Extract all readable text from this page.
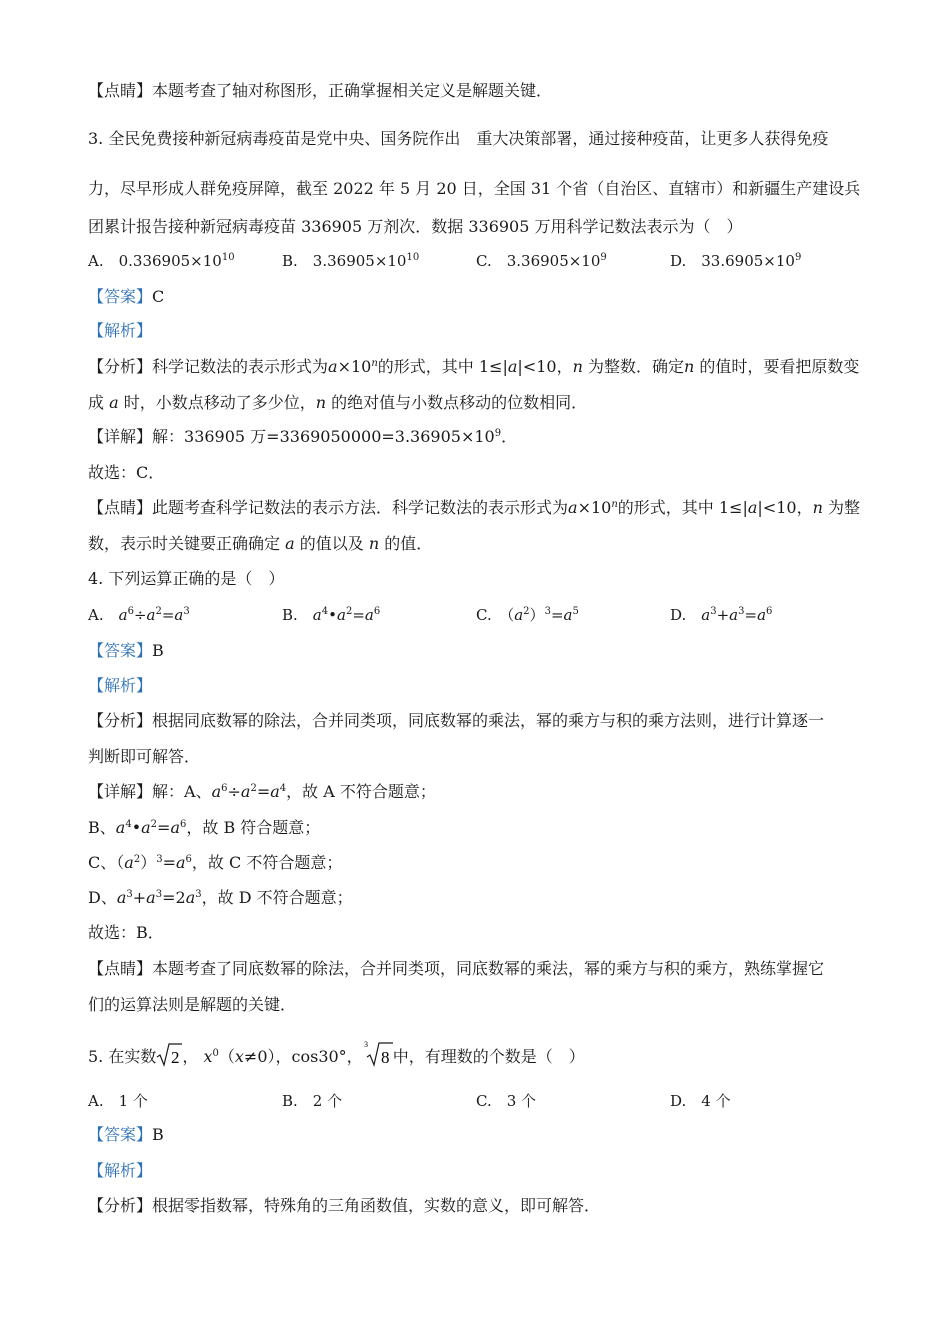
【点睛】本题考查了轴对称图形，正确掌握相关定义是解题关键．
3. 全民免费接种新冠病毒疫苗是党中央、国务院作出　重大决策部署，通过接种疫苗，让更多人获得免疫
力，尽早形成人群免疫屏障，截至 2022 年 5 月 20 日，全国 31 个省（自治区、直辖市）和新疆生产建设兵
团累计报告接种新冠病毒疫苗 336905 万剂次．数据 336905 万用科学记数法表示为（　）
A.　$0.336905\times 10^{10}$	B.　$3.36905\times 10^{10}$	C.　$3.36905\times 10^9$	D.　$33.6905\times 10^9$
【答案】C
【解析】
【分析】科学记数法的表示形式为$a\times 10^n$的形式，其中 1≤|a|<10，n 为整数．确定n 的值时，要看把原数变
成 a 时，小数点移动了多少位，n 的绝对值与小数点移动的位数相同．
【详解】解：336905 万$=3369050000=3.36905\times 10^9$．
故选：C．
【点睛】此题考查科学记数法的表示方法．科学记数法的表示形式为$a\times 10^n$的形式，其中 1≤|a|<10，n 为整
数，表示时关键要正确确定 a 的值以及 n 的值．
4. 下列运算正确的是（　）
A.　$a^6\div a^2=a^3$	B.　$a^4•a^2=a^6$	C.　$(a^2)^3=a^5$	D.　$a^3+a^3=a^6$
【答案】B
【解析】
【分析】根据同底数幂的除法，合并同类项，同底数幂的乘法，幂的乘方与积的乘方法则，进行计算逐一
判断即可解答．
【详解】解：A、$a^6\div a^2=a^4$，故 A 不符合题意；
B、$a^4•a^2=a^6$，故 B 符合题意；
C、$(a^2)^3=a^6$，故 C 不符合题意；
D、$a^3+a^3=2a^3$，故 D 不符合题意；
故选：B．
【点睛】本题考查了同底数幂的除法，合并同类项，同底数幂的乘法，幂的乘方与积的乘方，熟练掌握它
们的运算法则是解题的关键．
5. 在实数 2 ， $x^0(x\ne 0)$，cos30°，
3
8 中，有理数的个数是（　）
A.　1 个	B.　2 个	C.　3 个	D.　4 个
【答案】B
【解析】
【分析】根据零指数幂，特殊角的三角函数值，实数的意义，即可解答．
